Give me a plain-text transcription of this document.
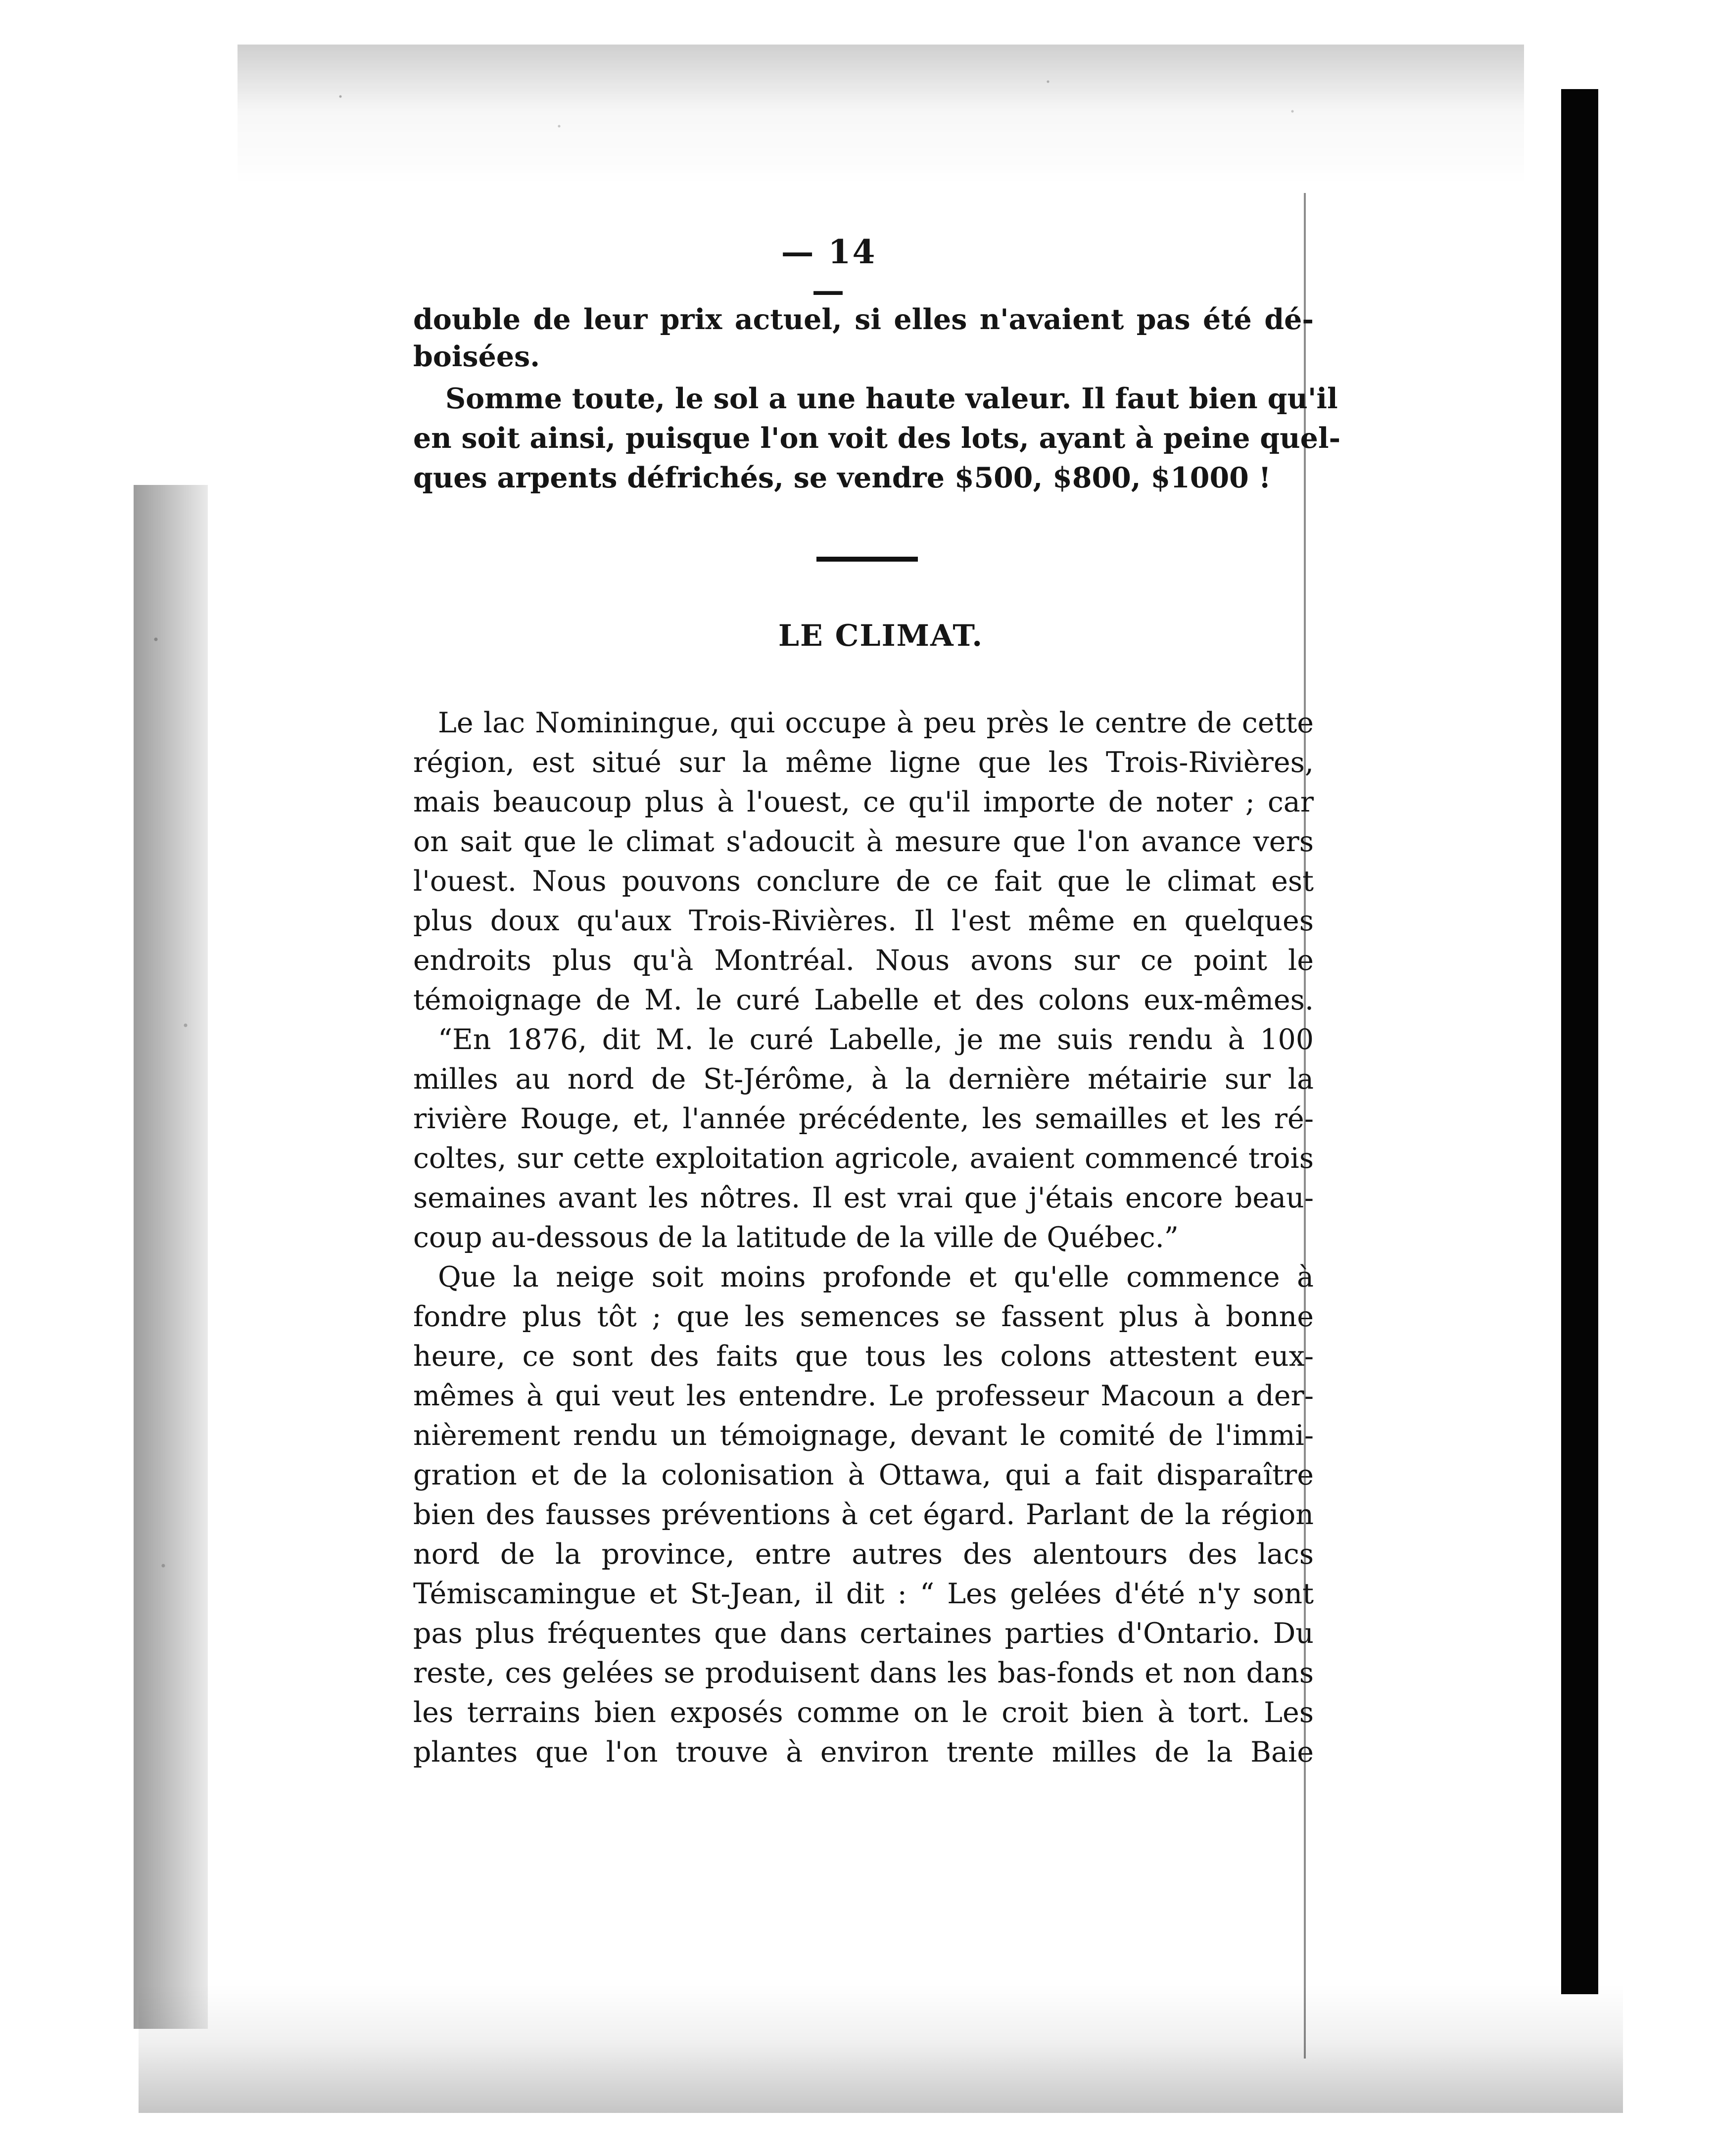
— 14 —
double de leur prix actuel, si elles n'avaient pas été dé-
boisées.
Somme toute, le sol a une haute valeur. Il faut bien qu'il
en soit ainsi, puisque l'on voit des lots, ayant à peine quel-
ques arpents défrichés, se vendre $500, $800, $1000 !
LE CLIMAT.
Le lac Nominingue, qui occupe à peu près le centre de cette
région, est situé sur la même ligne que les Trois-Rivières,
mais beaucoup plus à l'ouest, ce qu'il importe de noter ; car
on sait que le climat s'adoucit à mesure que l'on avance vers
l'ouest. Nous pouvons conclure de ce fait que le climat est
plus doux qu'aux Trois-Rivières. Il l'est même en quelques
endroits plus qu'à Montréal. Nous avons sur ce point le
témoignage de M. le curé Labelle et des colons eux-mêmes.
“En 1876, dit M. le curé Labelle, je me suis rendu à 100
milles au nord de St-Jérôme, à la dernière métairie sur la
rivière Rouge, et, l'année précédente, les semailles et les ré-
coltes, sur cette exploitation agricole, avaient commencé trois
semaines avant les nôtres. Il est vrai que j'étais encore beau-
coup au-dessous de la latitude de la ville de Québec.”
Que la neige soit moins profonde et qu'elle commence à
fondre plus tôt ; que les semences se fassent plus à bonne
heure, ce sont des faits que tous les colons attestent eux-
mêmes à qui veut les entendre. Le professeur Macoun a der-
nièrement rendu un témoignage, devant le comité de l'immi-
gration et de la colonisation à Ottawa, qui a fait disparaître
bien des fausses préventions à cet égard. Parlant de la région
nord de la province, entre autres des alentours des lacs
Témiscamingue et St-Jean, il dit : “ Les gelées d'été n'y sont
pas plus fréquentes que dans certaines parties d'Ontario. Du
reste, ces gelées se produisent dans les bas-fonds et non dans
les terrains bien exposés comme on le croit bien à tort. Les
plantes que l'on trouve à environ trente milles de la Baie
